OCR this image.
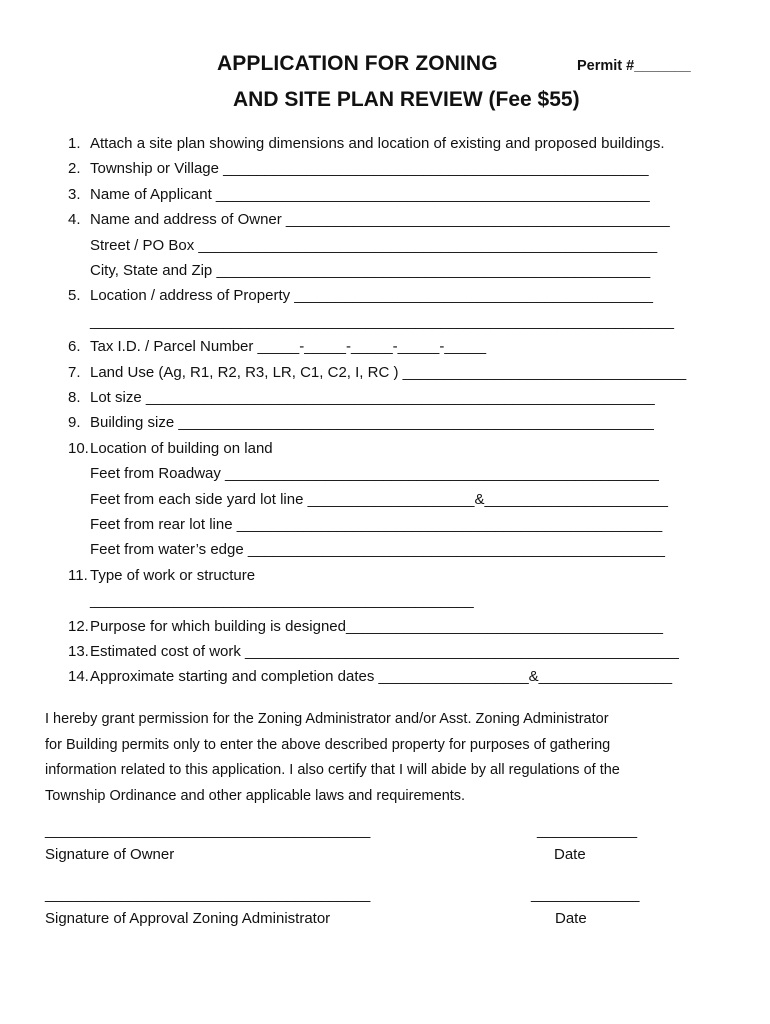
APPLICATION FOR ZONING	Permit #_______
AND SITE PLAN REVIEW (Fee $55)
1. Attach a site plan showing dimensions and location of existing and proposed buildings.
2. Township or Village ___________________________________________________
3. Name of Applicant ____________________________________________________
4. Name and address of Owner ______________________________________________
Street / PO Box _______________________________________________________
City, State and Zip ____________________________________________________
5. Location / address of Property ___________________________________________
______________________________________________________________________
6. Tax I.D. / Parcel Number _____-_____-_____-_____-_____
7. Land Use (Ag, R1, R2, R3, LR, C1, C2, I, RC ) __________________________________
8. Lot size _____________________________________________________________
9. Building size _________________________________________________________
10. Location of building on land
Feet from Roadway ____________________________________________________
Feet from each side yard lot line ____________________&______________________
Feet from rear lot line ___________________________________________________
Feet from water’s edge __________________________________________________
11. Type of work or structure
______________________________________________
12. Purpose for which building is designed______________________________________
13. Estimated cost of work ____________________________________________________
14. Approximate starting and completion dates __________________&________________
I hereby grant permission for the Zoning Administrator and/or Asst. Zoning Administrator for Building permits only to enter the above described property for purposes of gathering information related to this application. I also certify that I will abide by all regulations of the Township Ordinance and other applicable laws and requirements.
_______________________________________
Signature of Owner
____________
Date
_______________________________________
Signature of Approval Zoning Administrator
_____________
Date
